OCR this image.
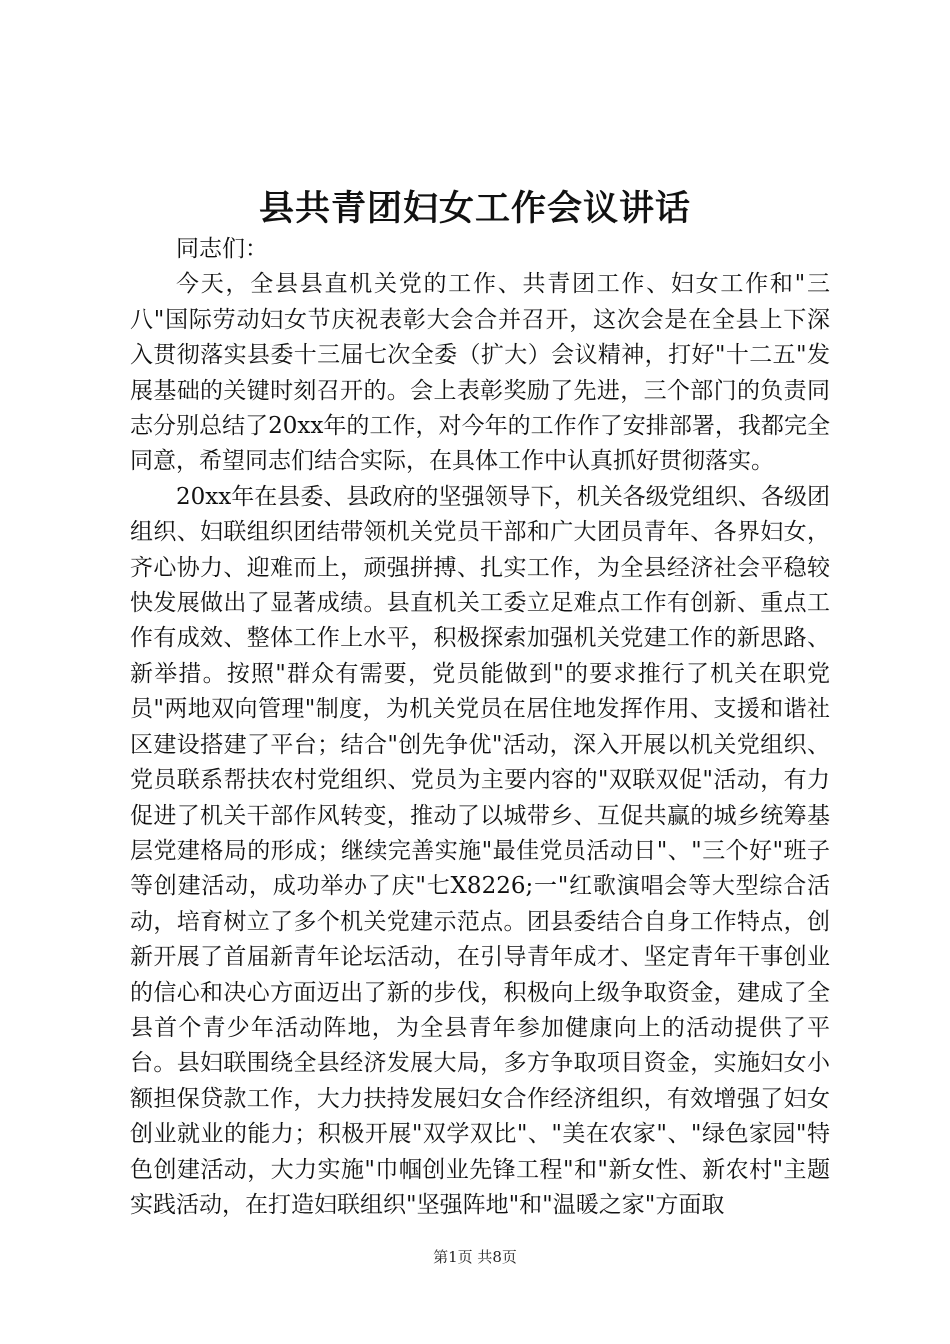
县共青团妇女工作会议讲话

同志们：

今天，全县县直机关党的工作、共青团工作、妇女工作和"三八"国际劳动妇女节庆祝表彰大会合并召开，这次会是在全县上下深入贯彻落实县委十三届七次全委（扩大）会议精神，打好"十二五"发展基础的关键时刻召开的。会上表彰奖励了先进，三个部门的负责同志分别总结了20xx年的工作，对今年的工作作了安排部署，我都完全同意，希望同志们结合实际，在具体工作中认真抓好贯彻落实。

20xx年在县委、县政府的坚强领导下，机关各级党组织、各级团组织、妇联组织团结带领机关党员干部和广大团员青年、各界妇女，齐心协力、迎难而上，顽强拼搏、扎实工作，为全县经济社会平稳较快发展做出了显著成绩。县直机关工委立足难点工作有创新、重点工作有成效、整体工作上水平，积极探索加强机关党建工作的新思路、新举措。按照"群众有需要，党员能做到"的要求推行了机关在职党员"两地双向管理"制度，为机关党员在居住地发挥作用、支援和谐社区建设搭建了平台；结合"创先争优"活动，深入开展以机关党组织、党员联系帮扶农村党组织、党员为主要内容的"双联双促"活动，有力促进了机关干部作风转变，推动了以城带乡、互促共赢的城乡统筹基层党建格局的形成；继续完善实施"最佳党员活动日"、"三个好"班子等创建活动，成功举办了庆"七X8226;一"红歌演唱会等大型综合活动，培育树立了多个机关党建示范点。团县委结合自身工作特点，创新开展了首届新青年论坛活动，在引导青年成才、坚定青年干事创业的信心和决心方面迈出了新的步伐，积极向上级争取资金，建成了全县首个青少年活动阵地，为全县青年参加健康向上的活动提供了平台。县妇联围绕全县经济发展大局，多方争取项目资金，实施妇女小额担保贷款工作，大力扶持发展妇女合作经济组织，有效增强了妇女创业就业的能力；积极开展"双学双比"、"美在农家"、"绿色家园"特色创建活动，大力实施"巾帼创业先锋工程"和"新女性、新农村"主题实践活动，在打造妇联组织"坚强阵地"和"温暖之家"方面取

第1页 共8页
